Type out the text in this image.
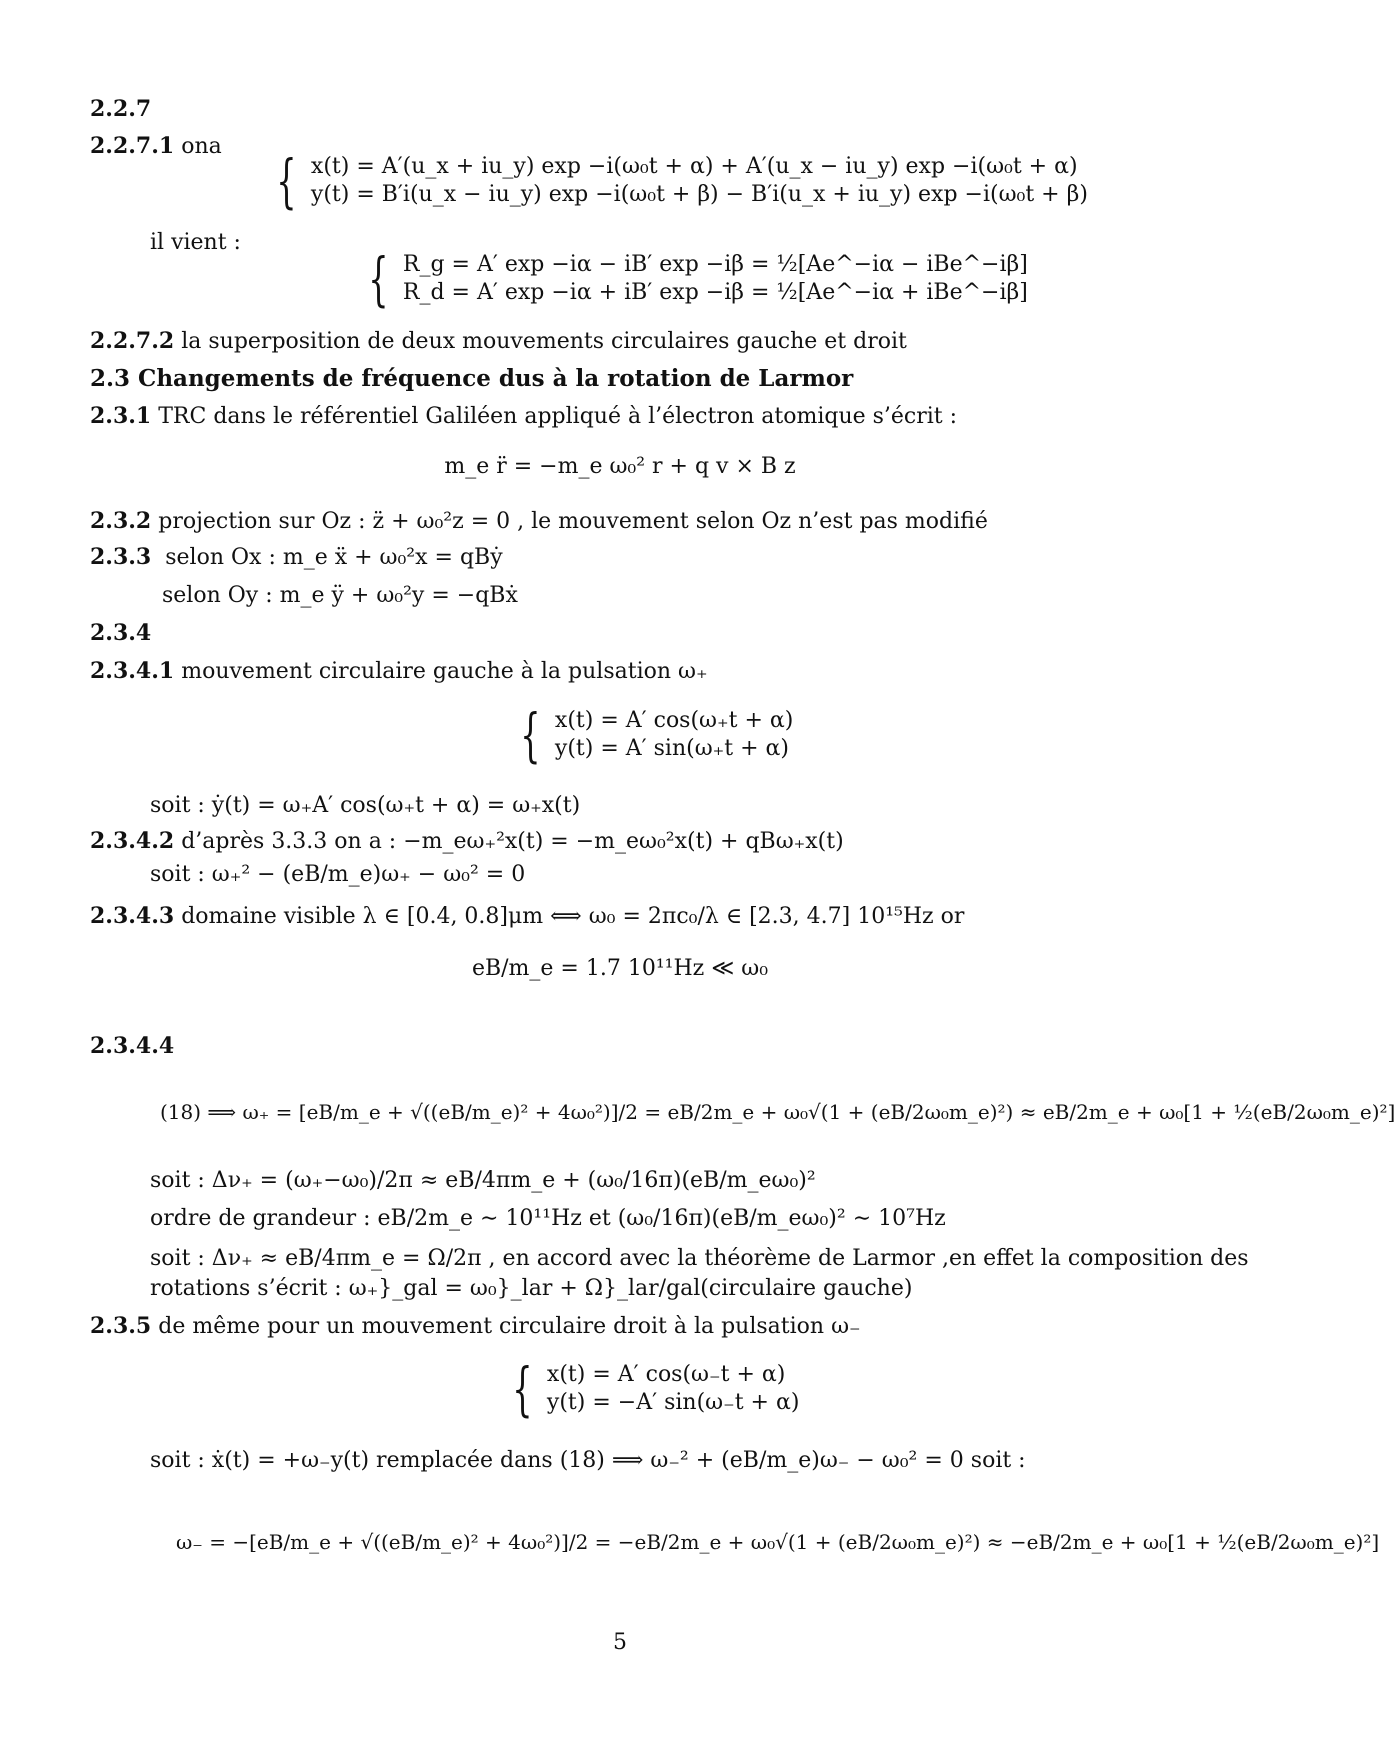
2.2.7
2.2.7.1 ona
{ x(t) = A′(u_x + iu_y) exp −i(ω₀t + α) + A′(u_x − iu_y) exp −i(ω₀t + α)
y(t) = B′i(u_x − iu_y) exp −i(ω₀t + β) − B′i(u_x + iu_y) exp −i(ω₀t + β)
il vient :
{ R_g = A′ exp −iα − iB′ exp −iβ = ½[Ae^−iα − iBe^−iβ]
R_d = A′ exp −iα + iB′ exp −iβ = ½[Ae^−iα + iBe^−iβ]
2.2.7.2 la superposition de deux mouvements circulaires gauche et droit
2.3 Changements de fréquence dus à la rotation de Larmor
2.3.1 TRC dans le référentiel Galiléen appliqué à l’électron atomique s’écrit :
m_e r̈ = −m_e ω₀² r + q v × B z
2.3.2 projection sur Oz : z̈ + ω₀²z = 0 , le mouvement selon Oz n’est pas modifié
2.3.3 selon Ox : m_e ẍ + ω₀²x = qBẏ
selon Oy : m_e ÿ + ω₀²y = −qBẋ
2.3.4
2.3.4.1 mouvement circulaire gauche à la pulsation ω₊
{ x(t) = A′ cos(ω₊t + α)
y(t) = A′ sin(ω₊t + α)
soit : ẏ(t) = ω₊A′ cos(ω₊t + α) = ω₊x(t)
2.3.4.2 d’après 3.3.3 on a : −m_eω₊²x(t) = −m_eω₀²x(t) + qBω₊x(t)
soit : ω₊² − (eB/m_e)ω₊ − ω₀² = 0
2.3.4.3 domaine visible λ ∈ [0.4, 0.8]μm ⟺ ω₀ = 2πc₀/λ ∈ [2.3, 4.7] 10¹⁵Hz or
eB/m_e = 1.7 10¹¹Hz ≪ ω₀
2.3.4.4
(18) ⟹ ω₊ = [eB/m_e + √((eB/m_e)² + 4ω₀²)]/2 = eB/2m_e + ω₀√(1 + (eB/2ω₀m_e)²) ≈ eB/2m_e + ω₀[1 + ½(eB/2ω₀m_e)²]
soit : Δν₊ = (ω₊−ω₀)/2π ≈ eB/4πm_e + (ω₀/16π)(eB/m_eω₀)²
ordre de grandeur : eB/2m_e ∼ 10¹¹Hz et (ω₀/16π)(eB/m_eω₀)² ∼ 10⁷Hz
soit : Δν₊ ≈ eB/4πm_e = Ω/2π , en accord avec la théorème de Larmor ,en effet la composition des
rotations s’écrit : ω₊}_gal = ω₀}_lar + Ω}_lar/gal(circulaire gauche)
2.3.5 de même pour un mouvement circulaire droit à la pulsation ω₋
{ x(t) = A′ cos(ω₋t + α)
y(t) = −A′ sin(ω₋t + α)
soit : ẋ(t) = +ω₋y(t) remplacée dans (18) ⟹ ω₋² + (eB/m_e)ω₋ − ω₀² = 0 soit :
ω₋ = −[eB/m_e + √((eB/m_e)² + 4ω₀²)]/2 = −eB/2m_e + ω₀√(1 + (eB/2ω₀m_e)²) ≈ −eB/2m_e + ω₀[1 + ½(eB/2ω₀m_e)²]
5
